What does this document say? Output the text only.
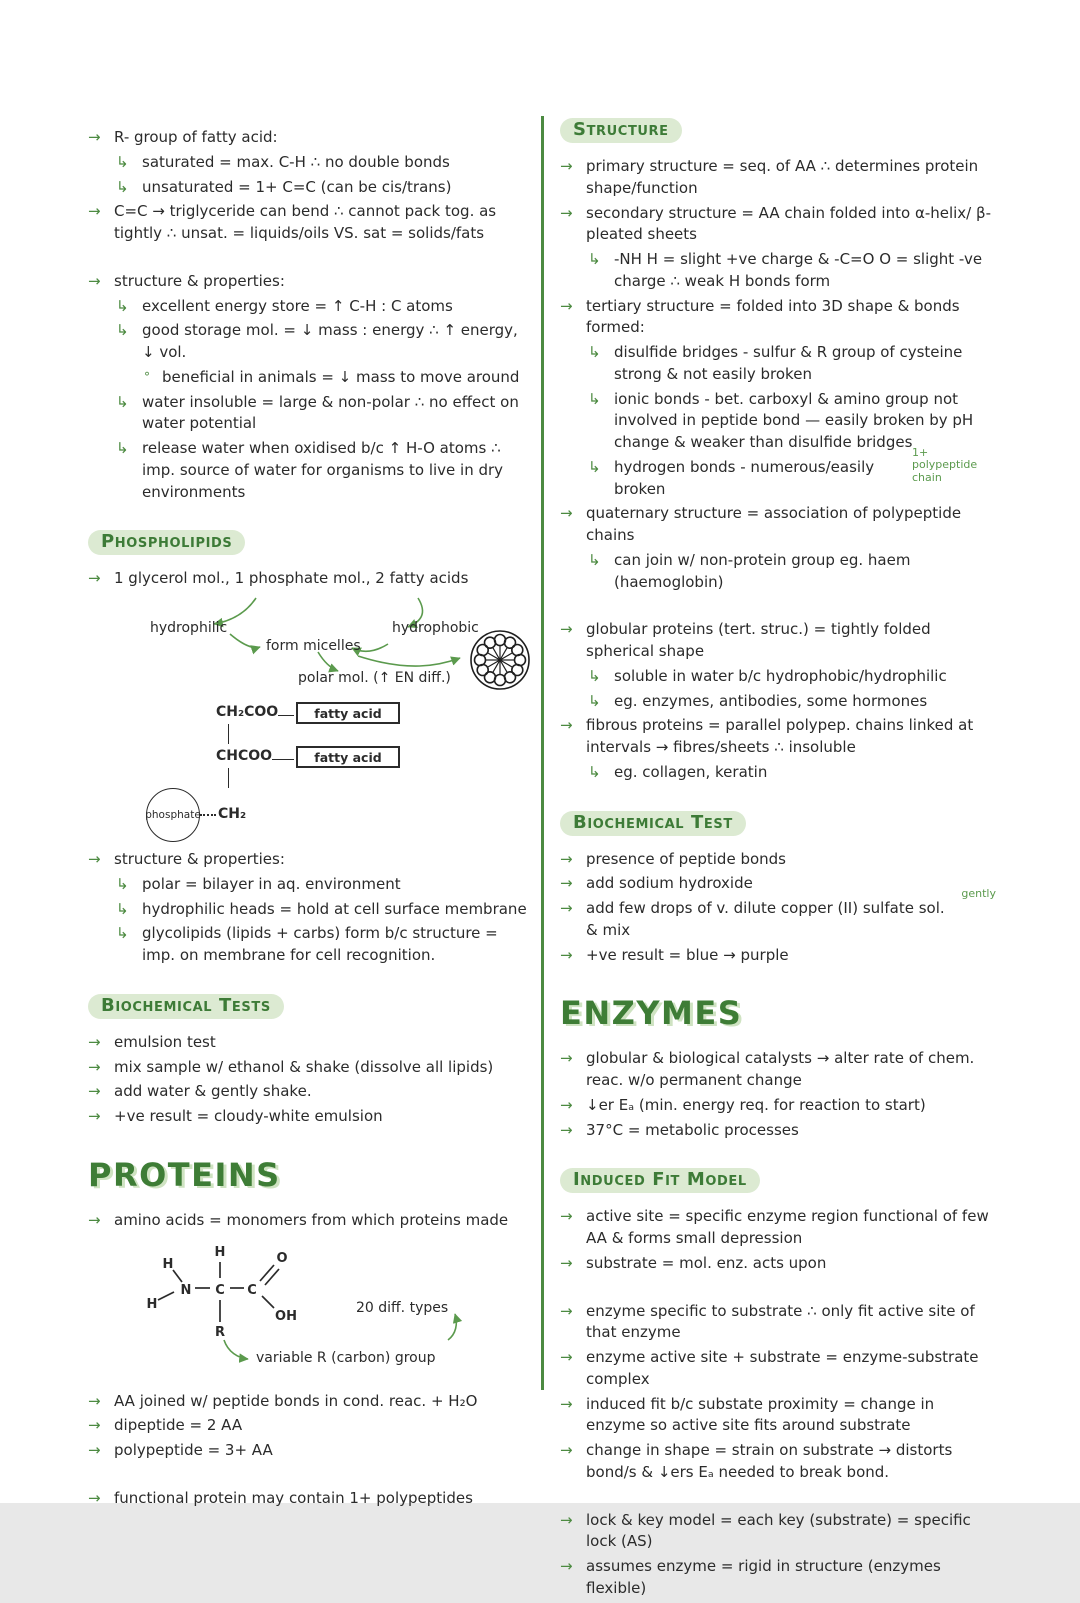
→ R- group of fatty acid:
↳ saturated = max. C-H ∴ no double bonds
↳ unsaturated = 1+ C=C (can be cis/trans)
→ C=C → triglyceride can bend ∴ cannot pack tog. as tightly ∴ unsat. = liquids/oils VS. sat = solids/fats
→ structure & properties:
↳ excellent energy store = ↑ C-H : C atoms
↳ good storage mol. = ↓ mass : energy ∴ ↑ energy, ↓ vol.
° beneficial in animals = ↓ mass to move around
↳ water insoluble = large & non-polar ∴ no effect on water potential
↳ release water when oxidised b/c ↑ H-O atoms ∴ imp. source of water for organisms to live in dry environments
Phospholipids
→ 1 glycerol mol., 1 phosphate mol., 2 fatty acids
hydrophilic
form micelles
hydrophobic
polar mol. (↑ EN diff.)
CH₂COO	fatty acid
CHCOO	fatty acid
phosphate CH₂
→ structure & properties:
↳ polar = bilayer in aq. environment
↳ hydrophilic heads = hold at cell surface membrane
↳ glycolipids (lipids + carbs) form b/c structure = imp. on membrane for cell recognition.
Biochemical Tests
→ emulsion test
→ mix sample w/ ethanol & shake (dissolve all lipids)
→ add water & gently shake.
→ +ve result = cloudy-white emulsion
PROTEINS
→ amino acids = monomers from which proteins made
H
H
H
N C
R
C
O
OH
20 diff. types
variable R (carbon) group
→ AA joined w/ peptide bonds in cond. reac. + H₂O
→ dipeptide = 2 AA
→ polypeptide = 3+ AA
→ functional protein may contain 1+ polypeptides
Structure
→ primary structure = seq. of AA ∴ determines protein shape/function
→ secondary structure = AA chain folded into α-helix/ β-pleated sheets
↳ -NH H = slight +ve charge & -C=O O = slight -ve charge ∴ weak H bonds form
→ tertiary structure = folded into 3D shape & bonds formed:
↳ disulfide bridges - sulfur & R group of cysteine strong & not easily broken
↳ ionic bonds - bet. carboxyl & amino group not involved in peptide bond — easily broken by pH change & weaker than disulfide bridges
↳ hydrogen bonds - numerous/easily broken
1+ polypeptide chain
→ quaternary structure = association of polypeptide chains
↳ can join w/ non-protein group eg. haem (haemoglobin)
→ globular proteins (tert. struc.) = tightly folded spherical shape
↳ soluble in water b/c hydrophobic/hydrophilic
↳ eg. enzymes, antibodies, some hormones
→ fibrous proteins = parallel polypep. chains linked at intervals → fibres/sheets ∴ insoluble
↳ eg. collagen, keratin
Biochemical Test
→ presence of peptide bonds
→ add sodium hydroxide
→ add few drops of v. dilute copper (II) sulfate sol. & mix
gently
→ +ve result = blue → purple
ENZYMES
→ globular & biological catalysts → alter rate of chem. reac. w/o permanent change
→ ↓er Eₐ (min. energy req. for reaction to start)
→ 37°C = metabolic processes
Induced Fit Model
→ active site = specific enzyme region functional of few AA & forms small depression
→ substrate = mol. enz. acts upon
→ enzyme specific to substrate ∴ only fit active site of that enzyme
→ enzyme active site + substrate = enzyme-substrate complex
→ induced fit b/c substate proximity = change in enzyme so active site fits around substrate
→ change in shape = strain on substrate → distorts bond/s & ↓ers Eₐ needed to break bond.
→ lock & key model = each key (substrate) = specific lock (AS)
→ assumes enzyme = rigid in structure (enzymes flexible)
